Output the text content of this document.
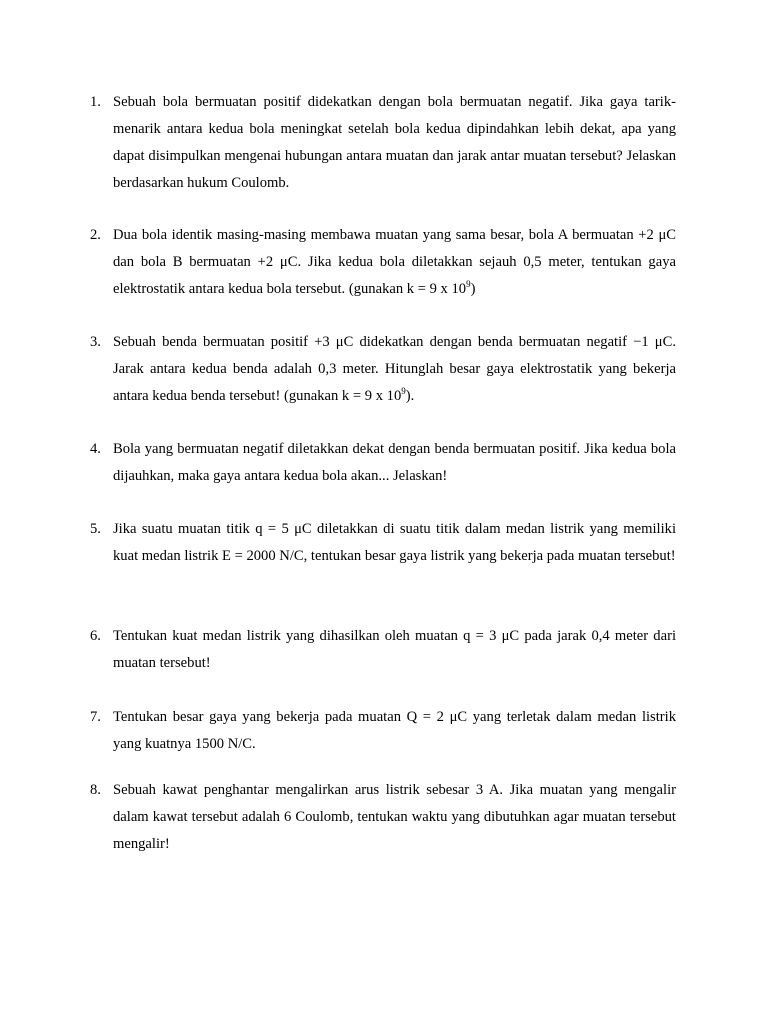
1. Sebuah bola bermuatan positif didekatkan dengan bola bermuatan negatif. Jika gaya tarik-menarik antara kedua bola meningkat setelah bola kedua dipindahkan lebih dekat, apa yang dapat disimpulkan mengenai hubungan antara muatan dan jarak antar muatan tersebut? Jelaskan berdasarkan hukum Coulomb.
2. Dua bola identik masing-masing membawa muatan yang sama besar, bola A bermuatan +2 μC dan bola B bermuatan +2 μC. Jika kedua bola diletakkan sejauh 0,5 meter, tentukan gaya elektrostatik antara kedua bola tersebut. (gunakan k = 9 x $10^9$)
3. Sebuah benda bermuatan positif +3 μC didekatkan dengan benda bermuatan negatif −1 μC. Jarak antara kedua benda adalah 0,3 meter. Hitunglah besar gaya elektrostatik yang bekerja antara kedua benda tersebut! (gunakan k = 9 x $10^9$).
4. Bola yang bermuatan negatif diletakkan dekat dengan benda bermuatan positif. Jika kedua bola dijauhkan, maka gaya antara kedua bola akan... Jelaskan!
5. Jika suatu muatan titik q = 5 μC diletakkan di suatu titik dalam medan listrik yang memiliki kuat medan listrik E = 2000 N/C, tentukan besar gaya listrik yang bekerja pada muatan tersebut!
6. Tentukan kuat medan listrik yang dihasilkan oleh muatan q = 3 μC pada jarak 0,4 meter dari muatan tersebut!
7. Tentukan besar gaya yang bekerja pada muatan Q = 2 μC yang terletak dalam medan listrik yang kuatnya 1500 N/C.
8. Sebuah kawat penghantar mengalirkan arus listrik sebesar 3 A. Jika muatan yang mengalir dalam kawat tersebut adalah 6 Coulomb, tentukan waktu yang dibutuhkan agar muatan tersebut mengalir!
